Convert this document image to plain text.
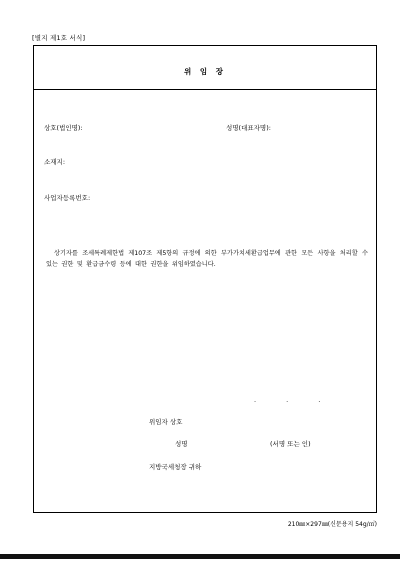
[별지 제1호 서식]
위 임 장
상호(법인명):	성명(대표자명):
소재지:
사업자등록번호:
상기자를 조세특례제한법 제107조 제5항의 규정에 의한 부가가치세환급업무에 관한 모든 사항을 처리할 수 있는 권한 및 환급금수령 등에 대한 권한을 위임하였습니다.
. . .
위임자 상호
성명	(서명 또는 인)
지방국세청장 귀하
210㎜×297㎜(신문용지 54g/㎡)
